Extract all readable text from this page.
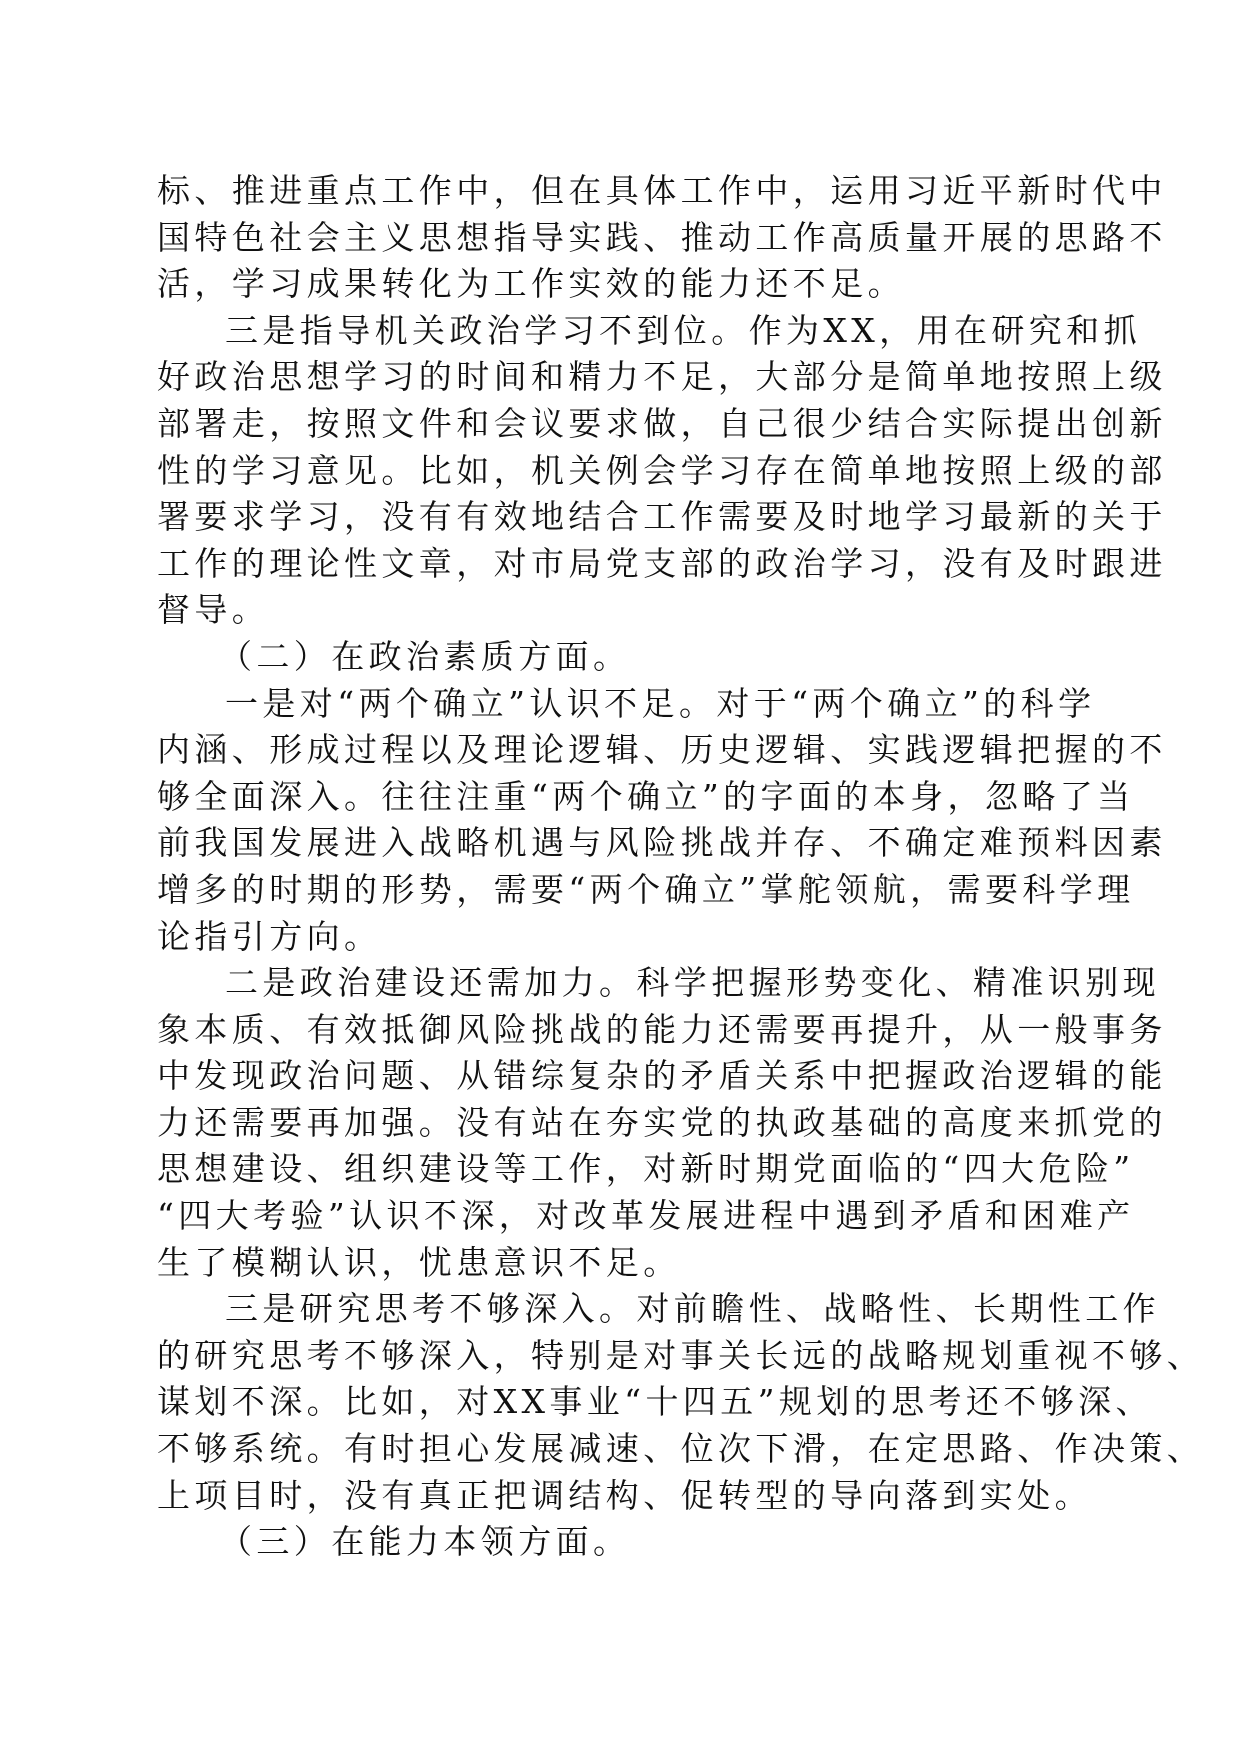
标、推进重点工作中，但在具体工作中，运用习近平新时代中
国特色社会主义思想指导实践、推动工作高质量开展的思路不
活，学习成果转化为工作实效的能力还不足。
三是指导机关政治学习不到位。作为XX，用在研究和抓
好政治思想学习的时间和精力不足，大部分是简单地按照上级
部署走，按照文件和会议要求做，自己很少结合实际提出创新
性的学习意见。比如，机关例会学习存在简单地按照上级的部
署要求学习，没有有效地结合工作需要及时地学习最新的关于
工作的理论性文章，对市局党支部的政治学习，没有及时跟进
督导。
（二）在政治素质方面。
一是对“两个确立”认识不足。对于“两个确立”的科学
内涵、形成过程以及理论逻辑、历史逻辑、实践逻辑把握的不
够全面深入。往往注重“两个确立”的字面的本身，忽略了当
前我国发展进入战略机遇与风险挑战并存、不确定难预料因素
增多的时期的形势，需要“两个确立”掌舵领航，需要科学理
论指引方向。
二是政治建设还需加力。科学把握形势变化、精准识别现
象本质、有效抵御风险挑战的能力还需要再提升，从一般事务
中发现政治问题、从错综复杂的矛盾关系中把握政治逻辑的能
力还需要再加强。没有站在夯实党的执政基础的高度来抓党的
思想建设、组织建设等工作，对新时期党面临的“四大危险”
“四大考验”认识不深，对改革发展进程中遇到矛盾和困难产
生了模糊认识，忧患意识不足。
三是研究思考不够深入。对前瞻性、战略性、长期性工作
的研究思考不够深入，特别是对事关长远的战略规划重视不够、
谋划不深。比如，对XX事业“十四五”规划的思考还不够深、
不够系统。有时担心发展减速、位次下滑，在定思路、作决策、
上项目时，没有真正把调结构、促转型的导向落到实处。
（三）在能力本领方面。
